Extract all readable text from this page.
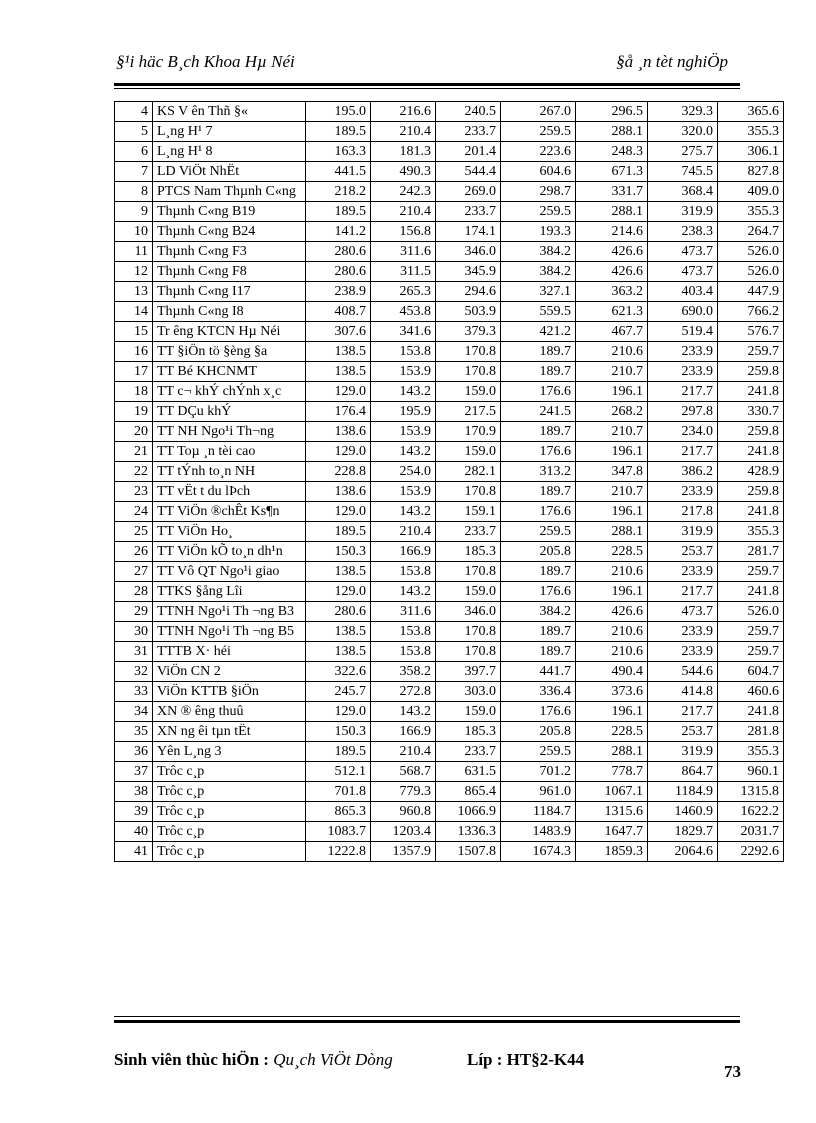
§¹i häc B¸ch Khoa Hµ Néi	§å ¸n tèt nghiÖp
4	KS V ên Thñ §«	195.0	216.6	240.5	267.0	296.5	329.3	365.6
5	L¸ng H¹ 7	189.5	210.4	233.7	259.5	288.1	320.0	355.3
6	L¸ng H¹ 8	163.3	181.3	201.4	223.6	248.3	275.7	306.1
7	LD ViÖt NhËt	441.5	490.3	544.4	604.6	671.3	745.5	827.8
8	PTCS Nam Thµnh C«ng	218.2	242.3	269.0	298.7	331.7	368.4	409.0
9	Thµnh C«ng B19	189.5	210.4	233.7	259.5	288.1	319.9	355.3
10	Thµnh C«ng B24	141.2	156.8	174.1	193.3	214.6	238.3	264.7
11	Thµnh C«ng F3	280.6	311.6	346.0	384.2	426.6	473.7	526.0
12	Thµnh C«ng F8	280.6	311.5	345.9	384.2	426.6	473.7	526.0
13	Thµnh C«ng I17	238.9	265.3	294.6	327.1	363.2	403.4	447.9
14	Thµnh C«ng I8	408.7	453.8	503.9	559.5	621.3	690.0	766.2
15	Tr êng KTCN Hµ Néi	307.6	341.6	379.3	421.2	467.7	519.4	576.7
16	TT §iÖn tö §èng §a	138.5	153.8	170.8	189.7	210.6	233.9	259.7
17	TT Bé KHCNMT	138.5	153.9	170.8	189.7	210.7	233.9	259.8
18	TT c¬ khÝ chÝnh x¸c	129.0	143.2	159.0	176.6	196.1	217.7	241.8
19	TT DÇu khÝ	176.4	195.9	217.5	241.5	268.2	297.8	330.7
20	TT NH Ngo¹i Th¬ng	138.6	153.9	170.9	189.7	210.7	234.0	259.8
21	TT Toµ ¸n tèi cao	129.0	143.2	159.0	176.6	196.1	217.7	241.8
22	TT tÝnh to¸n NH	228.8	254.0	282.1	313.2	347.8	386.2	428.9
23	TT vËt t du lÞch	138.6	153.9	170.8	189.7	210.7	233.9	259.8
24	TT ViÖn ®chÊt Ks¶n	129.0	143.2	159.1	176.6	196.1	217.8	241.8
25	TT ViÖn Ho¸	189.5	210.4	233.7	259.5	288.1	319.9	355.3
26	TT ViÖn kÕ to¸n dh¹n	150.3	166.9	185.3	205.8	228.5	253.7	281.7
27	TT Vô QT Ngo¹i giao	138.5	153.8	170.8	189.7	210.6	233.9	259.7
28	TTKS §ång Lîi	129.0	143.2	159.0	176.6	196.1	217.7	241.8
29	TTNH Ngo¹i Th ¬ng B3	280.6	311.6	346.0	384.2	426.6	473.7	526.0
30	TTNH Ngo¹i Th ¬ng B5	138.5	153.8	170.8	189.7	210.6	233.9	259.7
31	TTTB X· héi	138.5	153.8	170.8	189.7	210.6	233.9	259.7
32	ViÖn CN 2	322.6	358.2	397.7	441.7	490.4	544.6	604.7
33	ViÖn KTTB §iÖn	245.7	272.8	303.0	336.4	373.6	414.8	460.6
34	XN ® êng thuû	129.0	143.2	159.0	176.6	196.1	217.7	241.8
35	XN ng êi tµn tËt	150.3	166.9	185.3	205.8	228.5	253.7	281.8
36	Yên L¸ng 3	189.5	210.4	233.7	259.5	288.1	319.9	355.3
37	Trôc c¸p	512.1	568.7	631.5	701.2	778.7	864.7	960.1
38	Trôc c¸p	701.8	779.3	865.4	961.0	1067.1	1184.9	1315.8
39	Trôc c¸p	865.3	960.8	1066.9	1184.7	1315.6	1460.9	1622.2
40	Trôc c¸p	1083.7	1203.4	1336.3	1483.9	1647.7	1829.7	2031.7
41	Trôc c¸p	1222.8	1357.9	1507.8	1674.3	1859.3	2064.6	2292.6
Sinh viên thùc hiÖn : Qu¸ch ViÖt Dòng	Líp : HT§2-K44
73
